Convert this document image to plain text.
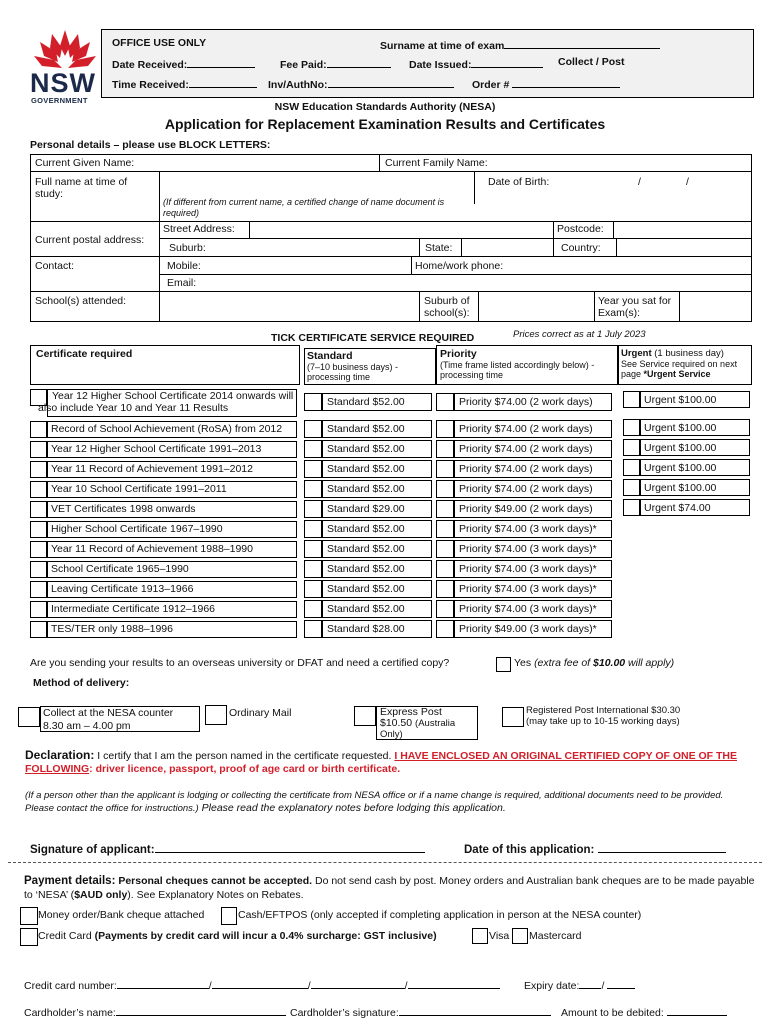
NSW
GOVERNMENT
OFFICE USE ONLY	Surname at time of exam
Date Received:	Fee Paid:	Date Issued:	Collect / Post
Time Received:	Inv/AuthNo:	Order #
NSW Education Standards Authority (NESA)
Application for Replacement Examination Results and Certificates
Personal details – please use BLOCK LETTERS:
Current Given Name:	Current Family Name:
Full name at time of study:
Date of Birth:	/	/
(If different from current name, a certified change of name document is required)
Current postal address:
Street Address:	Postcode:
Suburb:	State:	Country:
Contact:	Mobile:	Home/work phone:
Email:
School(s) attended:	Suburb of school(s):
Year you sat for Exam(s):
TICK CERTIFICATE SERVICE REQUIRED	Prices correct as at 1 July 2023
Certificate required	Standard
(7–10 business days) - processing time
Priority
(Time frame listed accordingly below) - processing time
Urgent (1 business day)
See Service required on next page *Urgent Service
Year 12 Higher School Certificate 2014 onwards will also include Year 10 and Year 11 Results	Standard $52.00	Priority $74.00 (2 work days)	Urgent $100.00
Record of School Achievement (RoSA) from 2012	Standard $52.00	Priority $74.00 (2 work days)	Urgent $100.00
Year 12 Higher School Certificate 1991–2013	Standard $52.00	Priority $74.00 (2 work days)	Urgent $100.00
Year 11 Record of Achievement 1991–2012	Standard $52.00	Priority $74.00 (2 work days)	Urgent $100.00
Year 10 School Certificate 1991–2011	Standard $52.00	Priority $74.00 (2 work days)	Urgent $100.00
VET Certificates 1998 onwards	Standard $29.00	Priority $49.00 (2 work days)	Urgent $74.00
Higher School Certificate 1967–1990	Standard $52.00	Priority $74.00 (3 work days)*
Year 11 Record of Achievement 1988–1990	Standard $52.00	Priority $74.00 (3 work days)*
School Certificate 1965–1990	Standard $52.00	Priority $74.00 (3 work days)*
Leaving Certificate 1913–1966	Standard $52.00	Priority $74.00 (3 work days)*
Intermediate Certificate 1912–1966	Standard $52.00	Priority $74.00 (3 work days)*
TES/TER only 1988–1996	Standard $28.00	Priority $49.00 (3 work days)*
Are you sending your results to an overseas university or DFAT and need a certified copy?	Yes (extra fee of $10.00 will apply)
Method of delivery:
Collect at the NESA counter 8.30 am – 4.00 pm
Ordinary Mail	Express Post
$10.50 (Australia Only)
Registered Post International $30.30
(may take up to 10-15 working days)
Declaration: I certify that I am the person named in the certificate requested. I HAVE ENCLOSED AN ORIGINAL CERTIFIED COPY OF ONE OF THE FOLLOWING: driver licence, passport, proof of age card or birth certificate.
(If a person other than the applicant is lodging or collecting the certificate from NESA office or if a name change is required, additional documents need to be provided. Please contact the office for instructions.) Please read the explanatory notes before lodging this application.
Signature of applicant:	Date of this application:
Payment details: Personal cheques cannot be accepted. Do not send cash by post. Money orders and Australian bank cheques are to be made payable to ‘NESA’ ($AUD only). See Explanatory Notes on Rebates.
Money order/Bank cheque attached	Cash/EFTPOS (only accepted if completing application in person at the NESA counter)
Credit Card (Payments by credit card will incur a 0.4% surcharge: GST inclusive)	Visa Mastercard
Credit card number:	/	/	/	Expiry date: /
Cardholder’s name:	Cardholder’s signature:	Amount to be debited:
